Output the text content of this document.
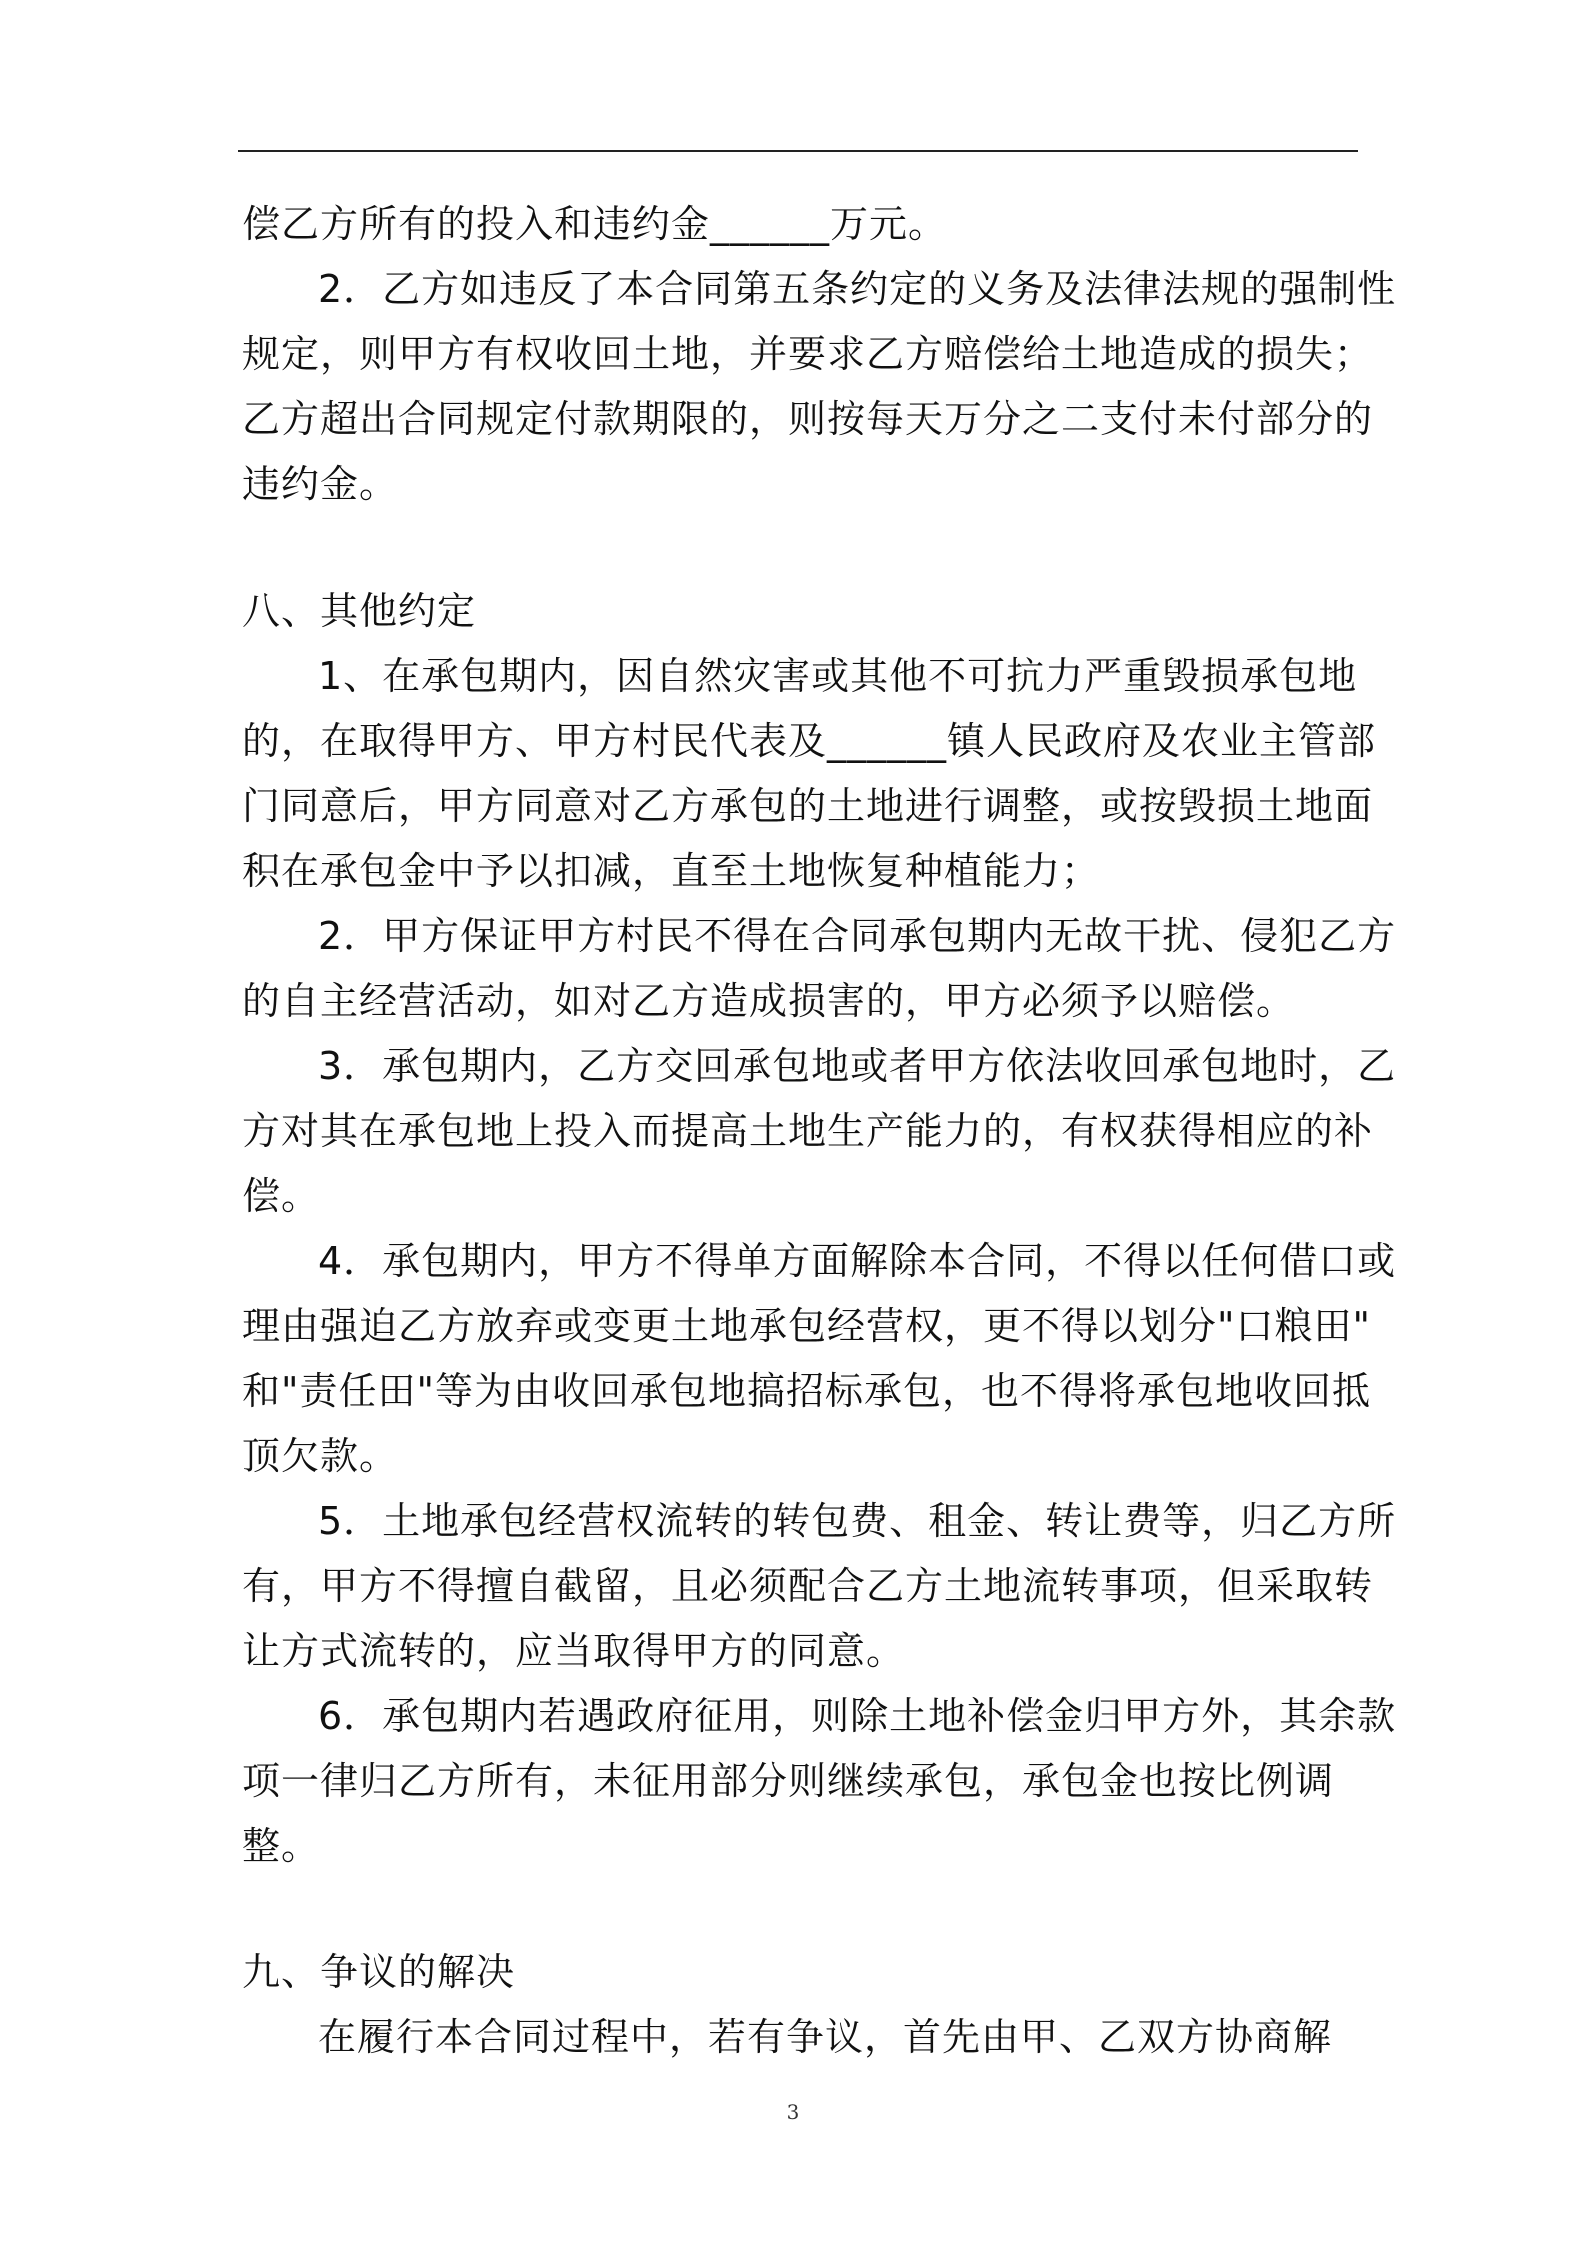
偿乙方所有的投入和违约金______万元。
2．乙方如违反了本合同第五条约定的义务及法律法规的强制性
规定，则甲方有权收回土地，并要求乙方赔偿给土地造成的损失；
乙方超出合同规定付款期限的，则按每天万分之二支付未付部分的
违约金。
八、其他约定
1、在承包期内，因自然灾害或其他不可抗力严重毁损承包地
的，在取得甲方、甲方村民代表及______镇人民政府及农业主管部
门同意后，甲方同意对乙方承包的土地进行调整，或按毁损土地面
积在承包金中予以扣减，直至土地恢复种植能力；
2．甲方保证甲方村民不得在合同承包期内无故干扰、侵犯乙方
的自主经营活动，如对乙方造成损害的，甲方必须予以赔偿。
3．承包期内，乙方交回承包地或者甲方依法收回承包地时，乙
方对其在承包地上投入而提高土地生产能力的，有权获得相应的补
偿。
4．承包期内，甲方不得单方面解除本合同，不得以任何借口或
理由强迫乙方放弃或变更土地承包经营权，更不得以划分"口粮田"
和"责任田"等为由收回承包地搞招标承包，也不得将承包地收回抵
顶欠款。
5．土地承包经营权流转的转包费、租金、转让费等，归乙方所
有，甲方不得擅自截留，且必须配合乙方土地流转事项，但采取转
让方式流转的，应当取得甲方的同意。
6．承包期内若遇政府征用，则除土地补偿金归甲方外，其余款
项一律归乙方所有，未征用部分则继续承包，承包金也按比例调
整。
九、争议的解决
在履行本合同过程中，若有争议，首先由甲、乙双方协商解
3
